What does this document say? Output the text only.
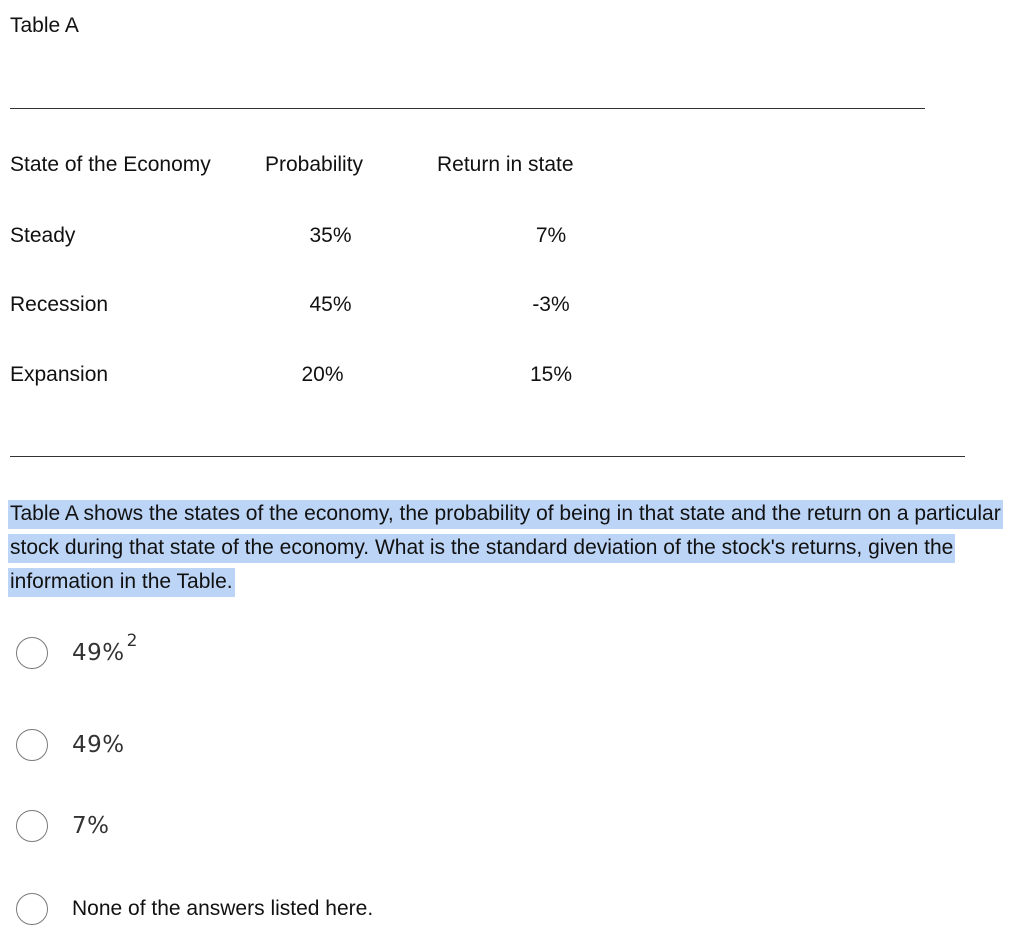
Table A
State of the Economy	Probability	Return in state
Steady	35%	7%
Recession	45%	-3%
Expansion	20%	15%
Table A shows the states of the economy, the probability of being in that state and the return on a particular stock during that state of the economy. What is the standard deviation of the stock's returns, given the information in the Table.
49% $^2$
49%
7%
None of the answers listed here.
